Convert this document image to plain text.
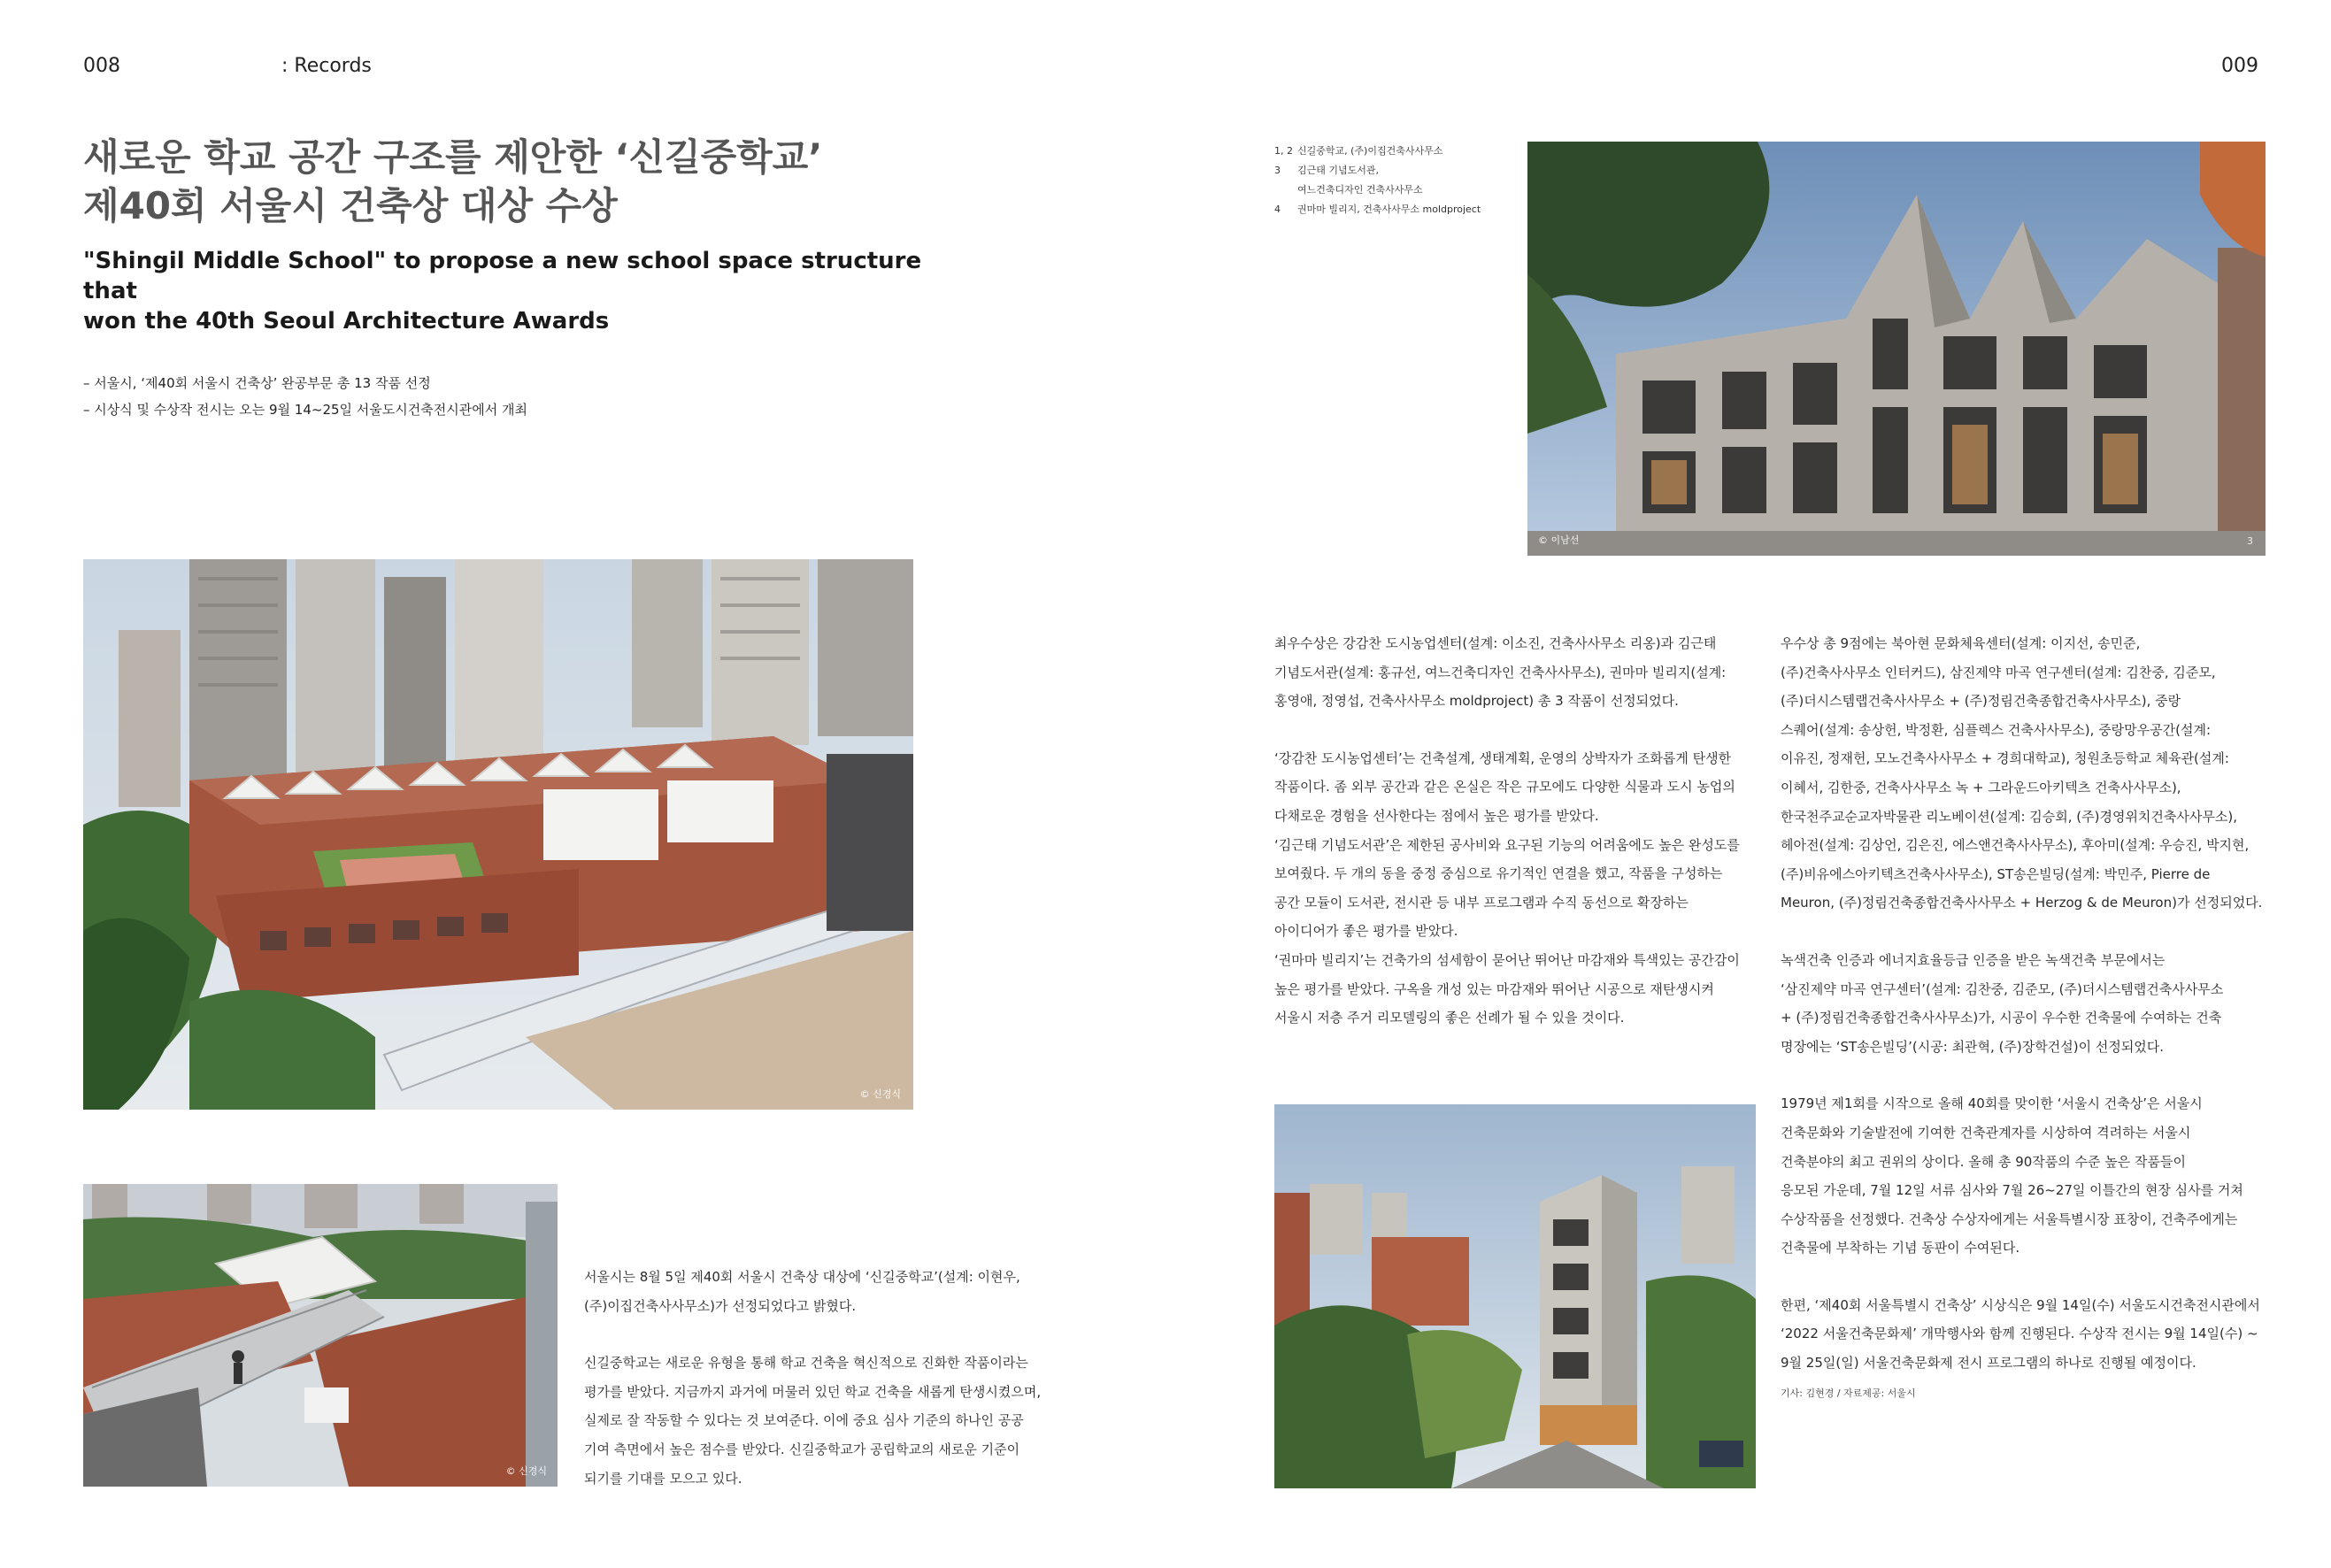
008	: Records	009
새로운 학교 공간 구조를 제안한 ‘신길중학교’
제40회 서울시 건축상 대상 수상
"Shingil Middle School" to propose a new school space structure that
won the 40th Seoul Architecture Awards
– 서울시, ‘제40회 서울시 건축상’ 완공부문 총 13 작품 선정
– 시상식 및 수상작 전시는 오는 9월 14~25일 서울도시건축전시관에서 개최
© 신경식
© 신경식

서울시는 8월 5일 제40회 서울시 건축상 대상에 ‘신길중학교’(설계: 이현우,
(주)이집건축사사무소)가 선정되었다고 밝혔다.

신길중학교는 새로운 유형을 통해 학교 건축을 혁신적으로 진화한 작품이라는
평가를 받았다. 지금까지 과거에 머물러 있던 학교 건축을 새롭게 탄생시켰으며,
실제로 잘 작동할 수 있다는 것 보여준다. 이에 중요 심사 기준의 하나인 공공
기여 측면에서 높은 점수를 받았다. 신길중학교가 공립학교의 새로운 기준이
되기를 기대를 모으고 있다.

1, 2 신길중학교, (주)이집건축사사무소
3 김근태 기념도서관,
여느건축디자인 건축사사무소
4 권마마 빌리지, 건축사사무소 moldproject
© 이남선	3

최우수상은 강감찬 도시농업센터(설계: 이소진, 건축사사무소 리옹)과 김근태
기념도서관(설계: 홍규선, 여느건축디자인 건축사사무소), 권마마 빌리지(설계:
홍영애, 정영섭, 건축사사무소 moldproject) 총 3 작품이 선정되었다.

‘강감찬 도시농업센터’는 건축설계, 생태계획, 운영의 상박자가 조화롭게 탄생한
작품이다. 좀 외부 공간과 같은 온실은 작은 규모에도 다양한 식물과 도시 농업의
다채로운 경험을 선사한다는 점에서 높은 평가를 받았다.
‘김근태 기념도서관’은 제한된 공사비와 요구된 기능의 어려움에도 높은 완성도를
보여줬다. 두 개의 동을 중정 중심으로 유기적인 연결을 했고, 작품을 구성하는
공간 모듈이 도서관, 전시관 등 내부 프로그램과 수직 동선으로 확장하는
아이디어가 좋은 평가를 받았다.
‘권마마 빌리지’는 건축가의 섬세함이 묻어난 뛰어난 마감재와 특색있는 공간감이
높은 평가를 받았다. 구옥을 개성 있는 마감재와 뛰어난 시공으로 재탄생시켜
서울시 저층 주거 리모델링의 좋은 선례가 될 수 있을 것이다.

우수상 총 9점에는 북아현 문화체육센터(설계: 이지선, 송민준,
(주)건축사사무소 인터커드), 삼진제약 마곡 연구센터(설계: 김찬중, 김준모,
(주)더시스템랩건축사사무소 + (주)정림건축종합건축사사무소), 중랑
스퀘어(설계: 송상헌, 박정환, 심플렉스 건축사사무소), 중랑망우공간(설계:
이유진, 정재헌, 모노건축사사무소 + 경희대학교), 청원초등학교 체육관(설계:
이혜서, 김한중, 건축사사무소 녹 + 그라운드아키텍츠 건축사사무소),
한국천주교순교자박물관 리노베이션(설계: 김승회, (주)경영위치건축사사무소),
헤아전(설계: 김상언, 김은진, 에스앤건축사사무소), 후아미(설계: 우승진, 박지현,
(주)비유에스아키텍츠건축사사무소), ST송은빌딩(설계: 박민주, Pierre de
Meuron, (주)정림건축종합건축사사무소 + Herzog & de Meuron)가 선정되었다.

녹색건축 인증과 에너지효율등급 인증을 받은 녹색건축 부문에서는
‘삼진제약 마곡 연구센터’(설계: 김찬중, 김준모, (주)더시스템랩건축사사무소
+ (주)정림건축종합건축사사무소)가, 시공이 우수한 건축물에 수여하는 건축
명장에는 ‘ST송은빌딩’(시공: 최관혁, (주)장학건설)이 선정되었다.

1979년 제1회를 시작으로 올해 40회를 맞이한 ‘서울시 건축상’은 서울시
건축문화와 기술발전에 기여한 건축관계자를 시상하여 격려하는 서울시
건축분야의 최고 권위의 상이다. 올해 총 90작품의 수준 높은 작품들이
응모된 가운데, 7월 12일 서류 심사와 7월 26~27일 이틀간의 현장 심사를 거쳐
수상작품을 선정했다. 건축상 수상자에게는 서울특별시장 표창이, 건축주에게는
건축물에 부착하는 기념 동판이 수여된다.

한편, ‘제40회 서울특별시 건축상’ 시상식은 9월 14일(수) 서울도시건축전시관에서
‘2022 서울건축문화제’ 개막행사와 함께 진행된다. 수상작 전시는 9월 14일(수) ~
9월 25일(일) 서울건축문화제 전시 프로그램의 하나로 진행될 예정이다.

기사: 김현경 / 자료제공: 서울시
